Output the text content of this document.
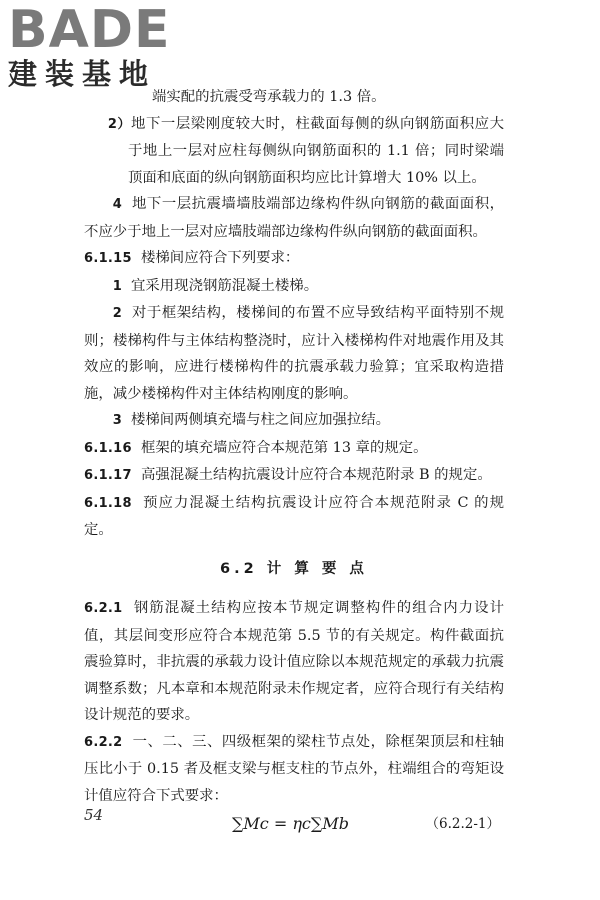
BADE
建装基地

端实配的抗震受弯承载力的 1.3 倍。

2）地下一层梁刚度较大时，柱截面每侧的纵向钢筋面积应大于地上一层对应柱每侧纵向钢筋面积的 1.1 倍；同时梁端顶面和底面的纵向钢筋面积均应比计算增大 10% 以上。

4 地下一层抗震墙墙肢端部边缘构件纵向钢筋的截面面积，不应少于地上一层对应墙肢端部边缘构件纵向钢筋的截面面积。

6.1.15 楼梯间应符合下列要求：

1 宜采用现浇钢筋混凝土楼梯。

2 对于框架结构，楼梯间的布置不应导致结构平面特别不规则；楼梯构件与主体结构整浇时，应计入楼梯构件对地震作用及其效应的影响，应进行楼梯构件的抗震承载力验算；宜采取构造措施，减少楼梯构件对主体结构刚度的影响。

3 楼梯间两侧填充墙与柱之间应加强拉结。

6.1.16 框架的填充墙应符合本规范第 13 章的规定。

6.1.17 高强混凝土结构抗震设计应符合本规范附录 B 的规定。

6.1.18 预应力混凝土结构抗震设计应符合本规范附录 C 的规定。

6.2 计 算 要 点

6.2.1 钢筋混凝土结构应按本节规定调整构件的组合内力设计值，其层间变形应符合本规范第 5.5 节的有关规定。构件截面抗震验算时，非抗震的承载力设计值应除以本规范规定的承载力抗震调整系数；凡本章和本规范附录未作规定者，应符合现行有关结构设计规范的要求。

6.2.2 一、二、三、四级框架的梁柱节点处，除框架顶层和柱轴压比小于 0.15 者及框支梁与框支柱的节点外，柱端组合的弯矩设计值应符合下式要求：

∑Mc = ηc∑Mb	（6.2.2-1）
54
